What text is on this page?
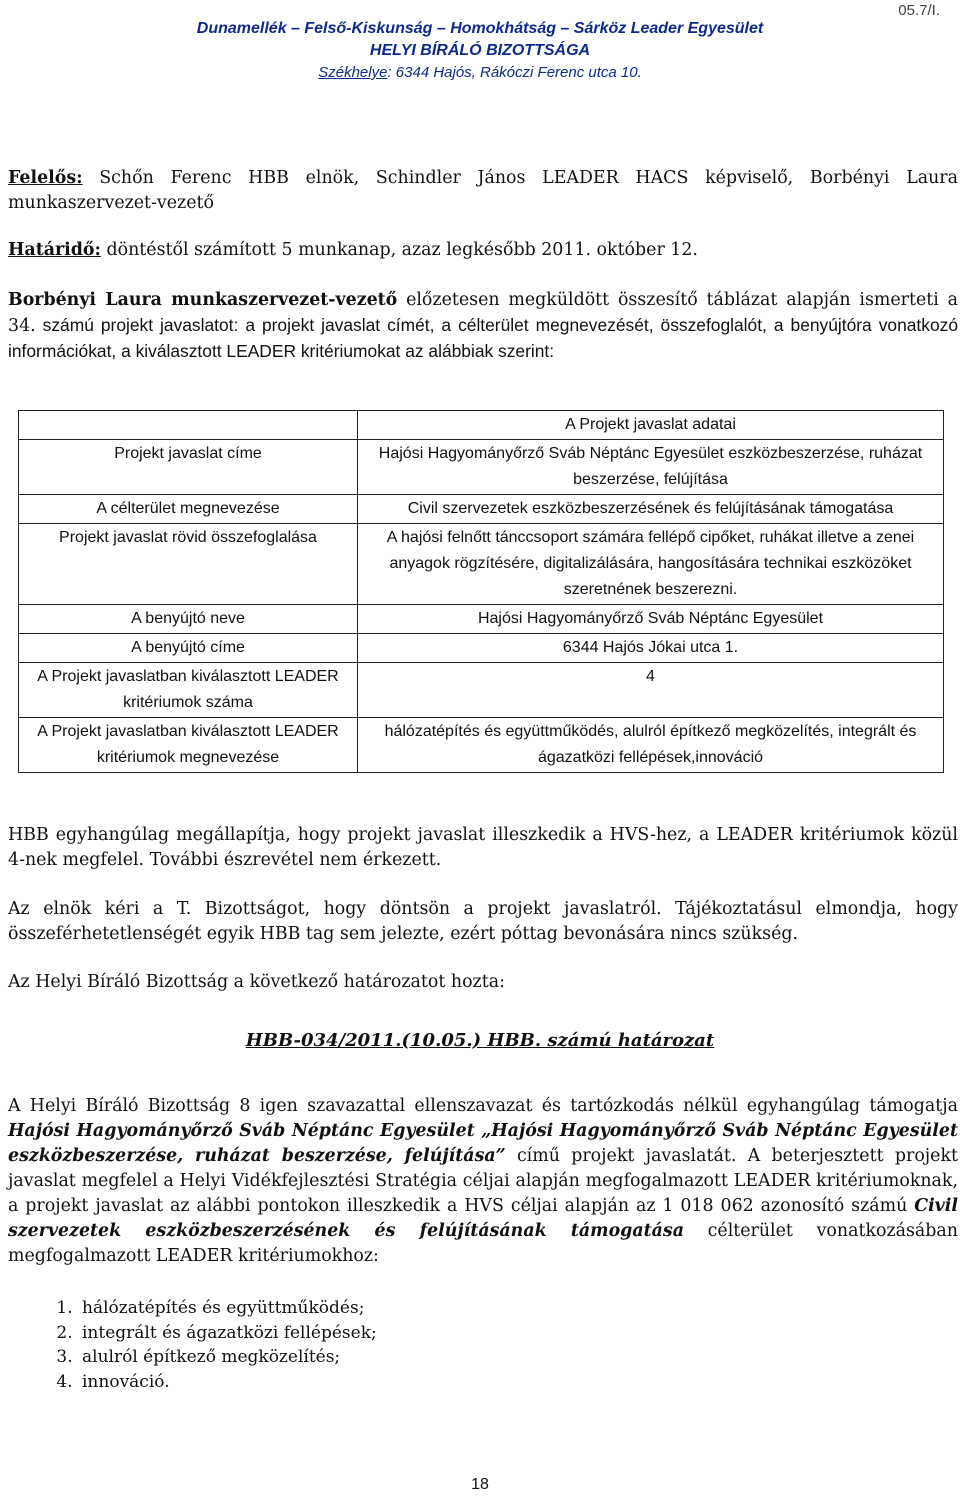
05.7/I.
Dunamellék – Felső-Kiskunság – Homokhátság – Sárköz Leader Egyesület
HELYI BÍRÁLÓ BIZOTTSÁGA
Székhelye: 6344 Hajós, Rákóczi Ferenc utca 10.
Felelős: Schőn Ferenc HBB elnök, Schindler János LEADER HACS képviselő, Borbényi Laura munkaszervezet-vezető
Határidő: döntéstől számított 5 munkanap, azaz legkésőbb 2011. október 12.
Borbényi Laura munkaszervezet-vezető előzetesen megküldött összesítő táblázat alapján ismerteti a 34. számú projekt javaslatot: a projekt javaslat címét, a célterület megnevezését, összefoglalót, a benyújtóra vonatkozó információkat, a kiválasztott LEADER kritériumokat az alábbiak szerint:
	A Projekt javaslat adatai
Projekt javaslat címe	Hajósi Hagyományőrző Sváb Néptánc Egyesület eszközbeszerzése, ruházat beszerzése, felújítása
A célterület megnevezése	Civil szervezetek eszközbeszerzésének és felújításának támogatása
Projekt javaslat rövid összefoglalása	A hajósi felnőtt tánccsoport számára fellépő cipőket, ruhákat illetve a zenei anyagok rögzítésére, digitalizálására, hangosítására technikai eszközöket szeretnének beszerezni.
A benyújtó neve	Hajósi Hagyományőrző Sváb Néptánc Egyesület
A benyújtó címe	6344 Hajós Jókai utca 1.
A Projekt javaslatban kiválasztott LEADER kritériumok száma	4
A Projekt javaslatban kiválasztott LEADER kritériumok megnevezése	hálózatépítés és együttműködés, alulról építkező megközelítés, integrált és ágazatközi fellépések,innováció
HBB egyhangúlag megállapítja, hogy projekt javaslat illeszkedik a HVS-hez, a LEADER kritériumok közül 4-nek megfelel. További észrevétel nem érkezett.
Az elnök kéri a T. Bizottságot, hogy döntsön a projekt javaslatról. Tájékoztatásul elmondja, hogy összeférhetetlenségét egyik HBB tag sem jelezte, ezért póttag bevonására nincs szükség.
Az Helyi Bíráló Bizottság a következő határozatot hozta:
HBB-034/2011.(10.05.) HBB. számú határozat
A Helyi Bíráló Bizottság 8 igen szavazattal ellenszavazat és tartózkodás nélkül egyhangúlag támogatja Hajósi Hagyományőrző Sváb Néptánc Egyesület „Hajósi Hagyományőrző Sváb Néptánc Egyesület eszközbeszerzése, ruházat beszerzése, felújítása” című projekt javaslatát. A beterjesztett projekt javaslat megfelel a Helyi Vidékfejlesztési Stratégia céljai alapján megfogalmazott LEADER kritériumoknak, a projekt javaslat az alábbi pontokon illeszkedik a HVS céljai alapján az 1 018 062 azonosító számú Civil szervezetek eszközbeszerzésének és felújításának támogatása célterület vonatkozásában megfogalmazott LEADER kritériumokhoz:
1. hálózatépítés és együttműködés;
2. integrált és ágazatközi fellépések;
3. alulról építkező megközelítés;
4. innováció.
18
